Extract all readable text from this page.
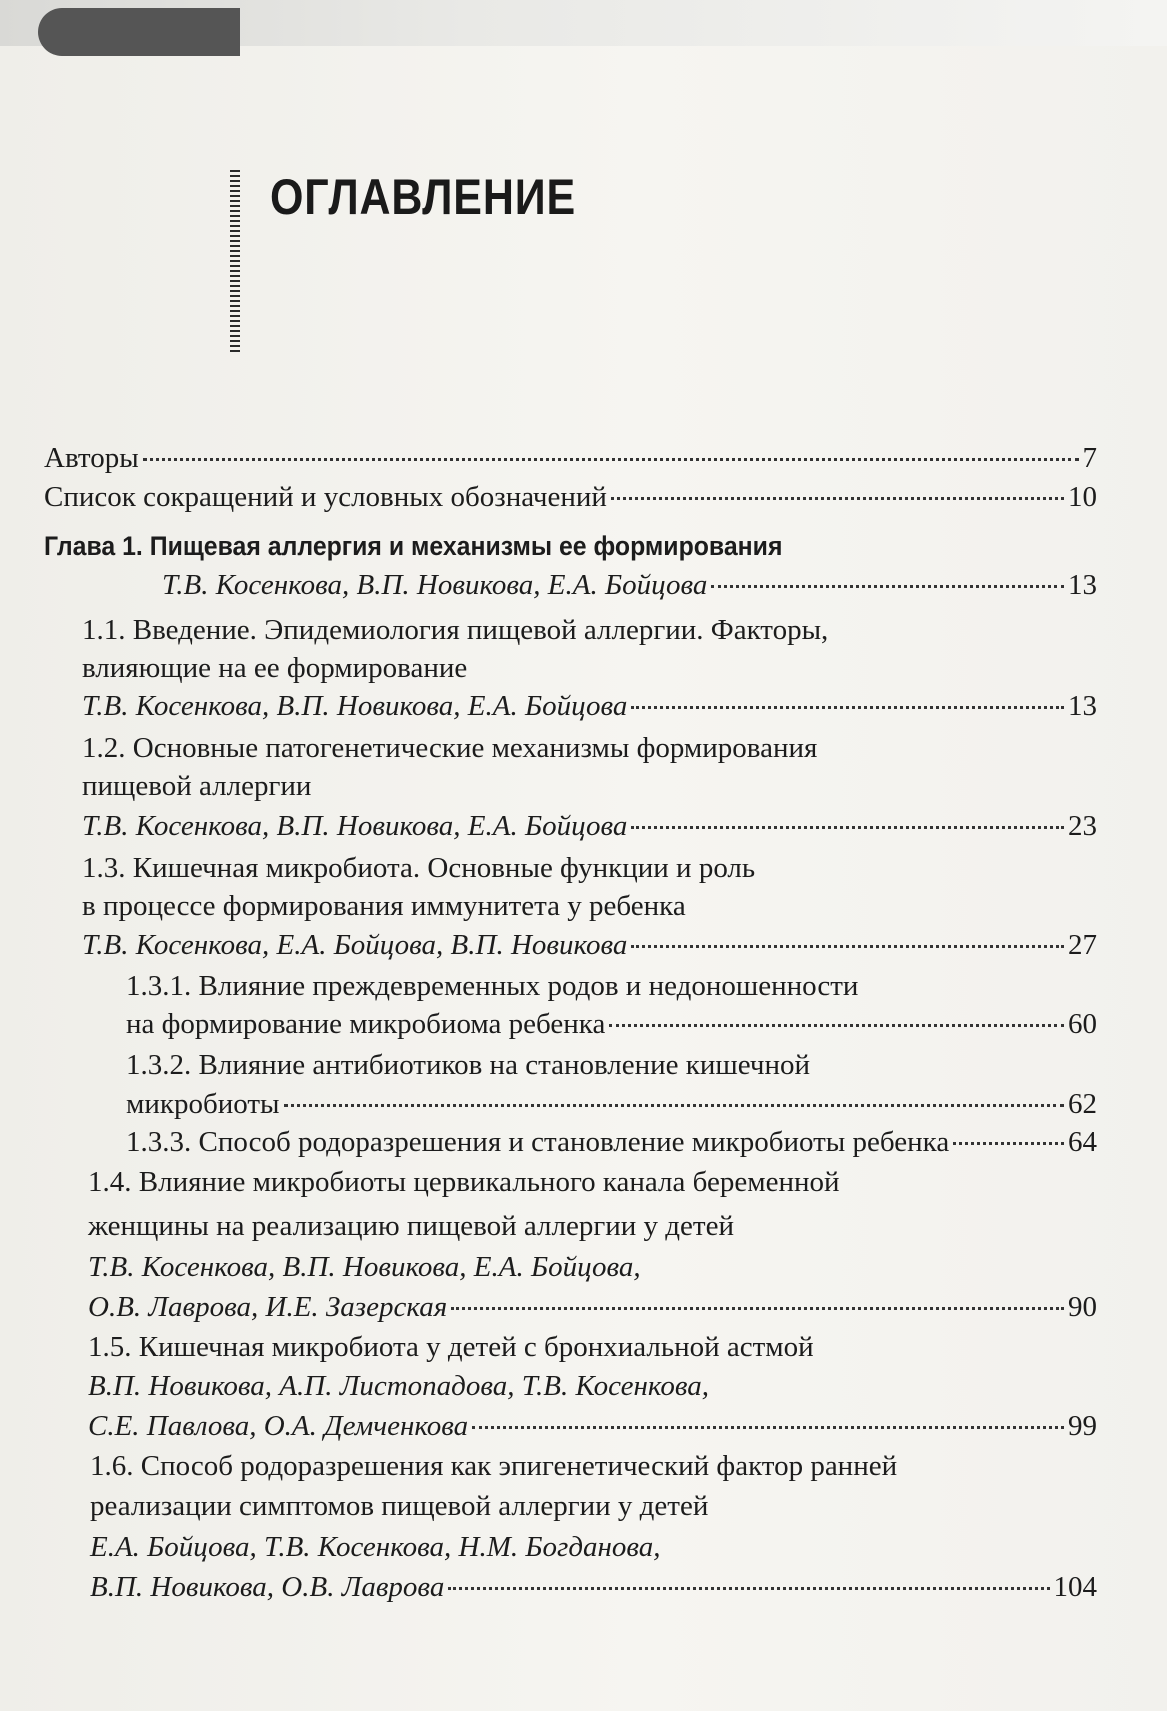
ОГЛАВЛЕНИЕ
Авторы	7
Список сокращений и условных обозначений	10
Глава 1. Пищевая аллергия и механизмы ее формирования
Т.В. Косенкова, В.П. Новикова, Е.А. Бойцова	13
1.1. Введение. Эпидемиология пищевой аллергии. Факторы,
влияющие на ее формирование
Т.В. Косенкова, В.П. Новикова, Е.А. Бойцова	13
1.2. Основные патогенетические механизмы формирования
пищевой аллергии
Т.В. Косенкова, В.П. Новикова, Е.А. Бойцова	23
1.3. Кишечная микробиота. Основные функции и роль
в процессе формирования иммунитета у ребенка
Т.В. Косенкова, Е.А. Бойцова, В.П. Новикова	27
1.3.1. Влияние преждевременных родов и недоношенности
на формирование микробиома ребенка	60
1.3.2. Влияние антибиотиков на становление кишечной
микробиоты	62
1.3.3. Способ родоразрешения и становление микробиоты ребенка	64
1.4. Влияние микробиоты цервикального канала беременной
женщины на реализацию пищевой аллергии у детей
Т.В. Косенкова, В.П. Новикова, Е.А. Бойцова,
О.В. Лаврова, И.Е. Зазерская	90
1.5. Кишечная микробиота у детей с бронхиальной астмой
В.П. Новикова, А.П. Листопадова, Т.В. Косенкова,
С.Е. Павлова, О.А. Демченкова	99
1.6. Способ родоразрешения как эпигенетический фактор ранней
реализации симптомов пищевой аллергии у детей
Е.А. Бойцова, Т.В. Косенкова, Н.М. Богданова,
В.П. Новикова, О.В. Лаврова	104
